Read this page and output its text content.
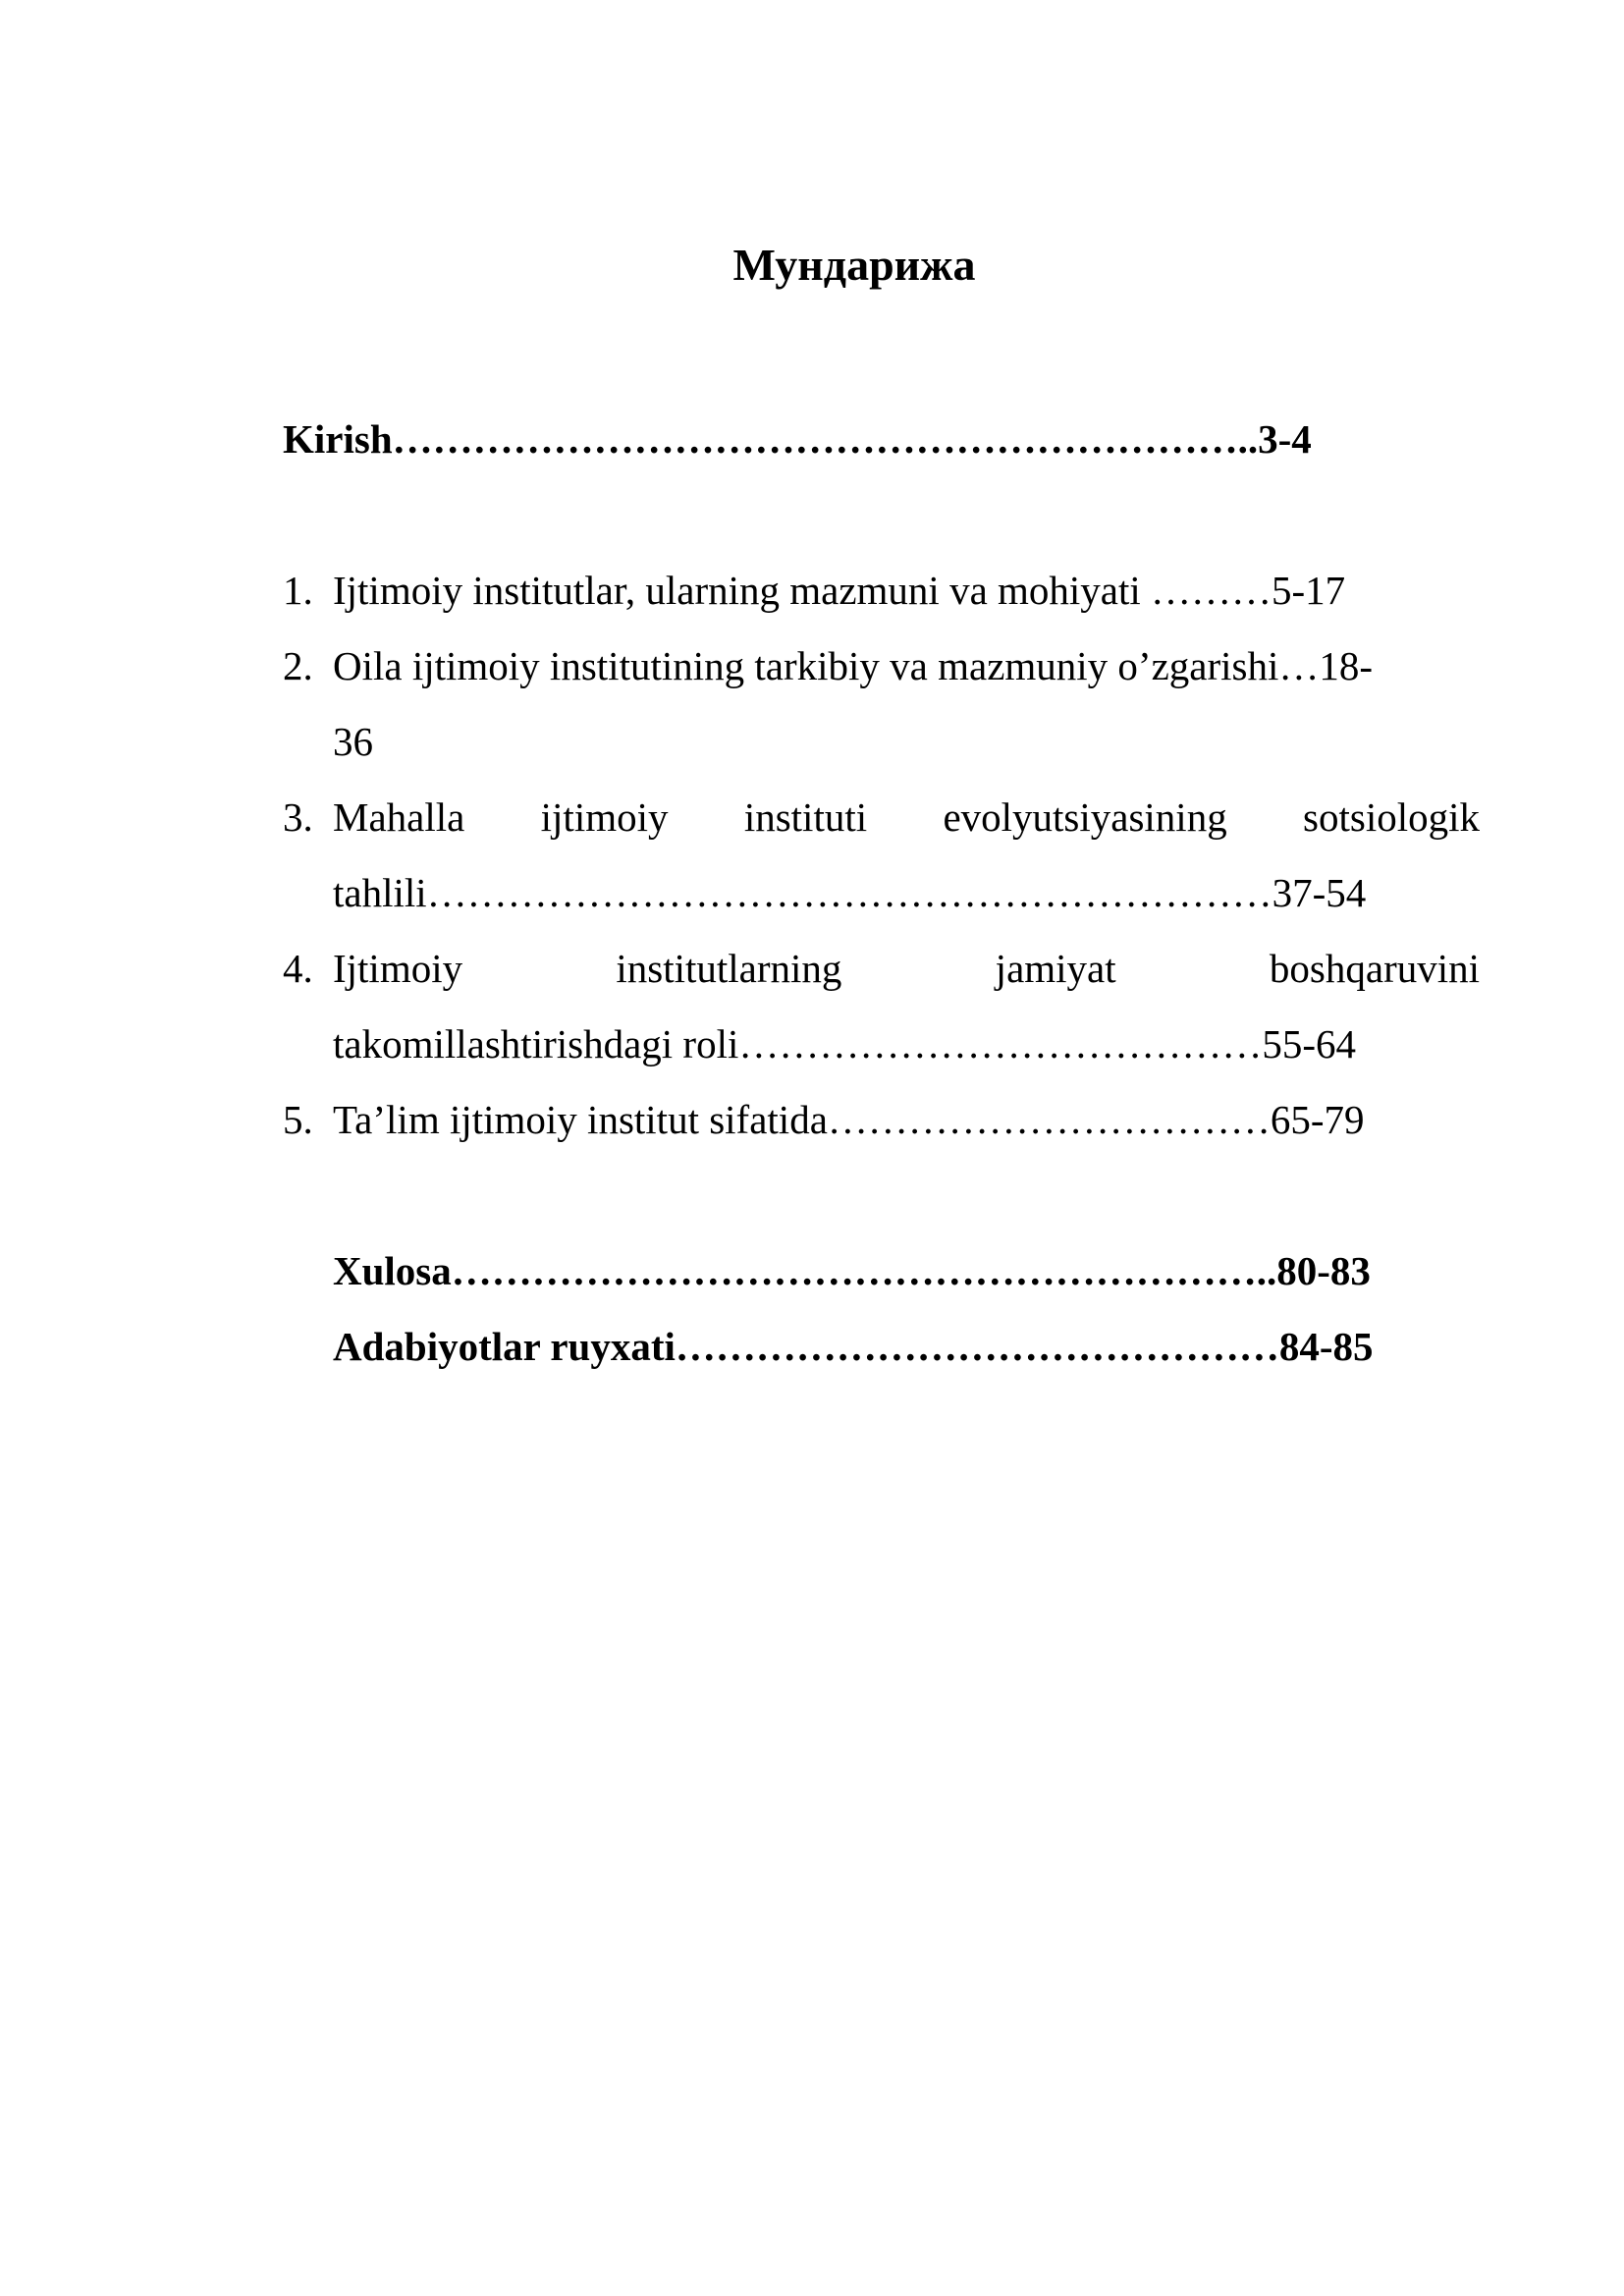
Мундарижа
Kirish………………………………………………………..3-4
1. Ijtimoiy institutlar, ularning mazmuni va mohiyati ………5-17
2. Oila ijtimoiy institutining tarkibiy va mazmuniy o’zgarishi…18-
36
3. Mahalla ijtimoiy instituti evolyutsiyasining sotsiologik
tahlili………………………………………………………37-54
4. Ijtimoiy institutlarning jamiyat boshqaruvini
takomillashtirishdagi roli…………………………………55-64
5. Ta’lim ijtimoiy institut sifatida……………………………65-79
Xulosa……………………………………………………..80-83
Adabiyotlar ruyxati………………………………………84-85
